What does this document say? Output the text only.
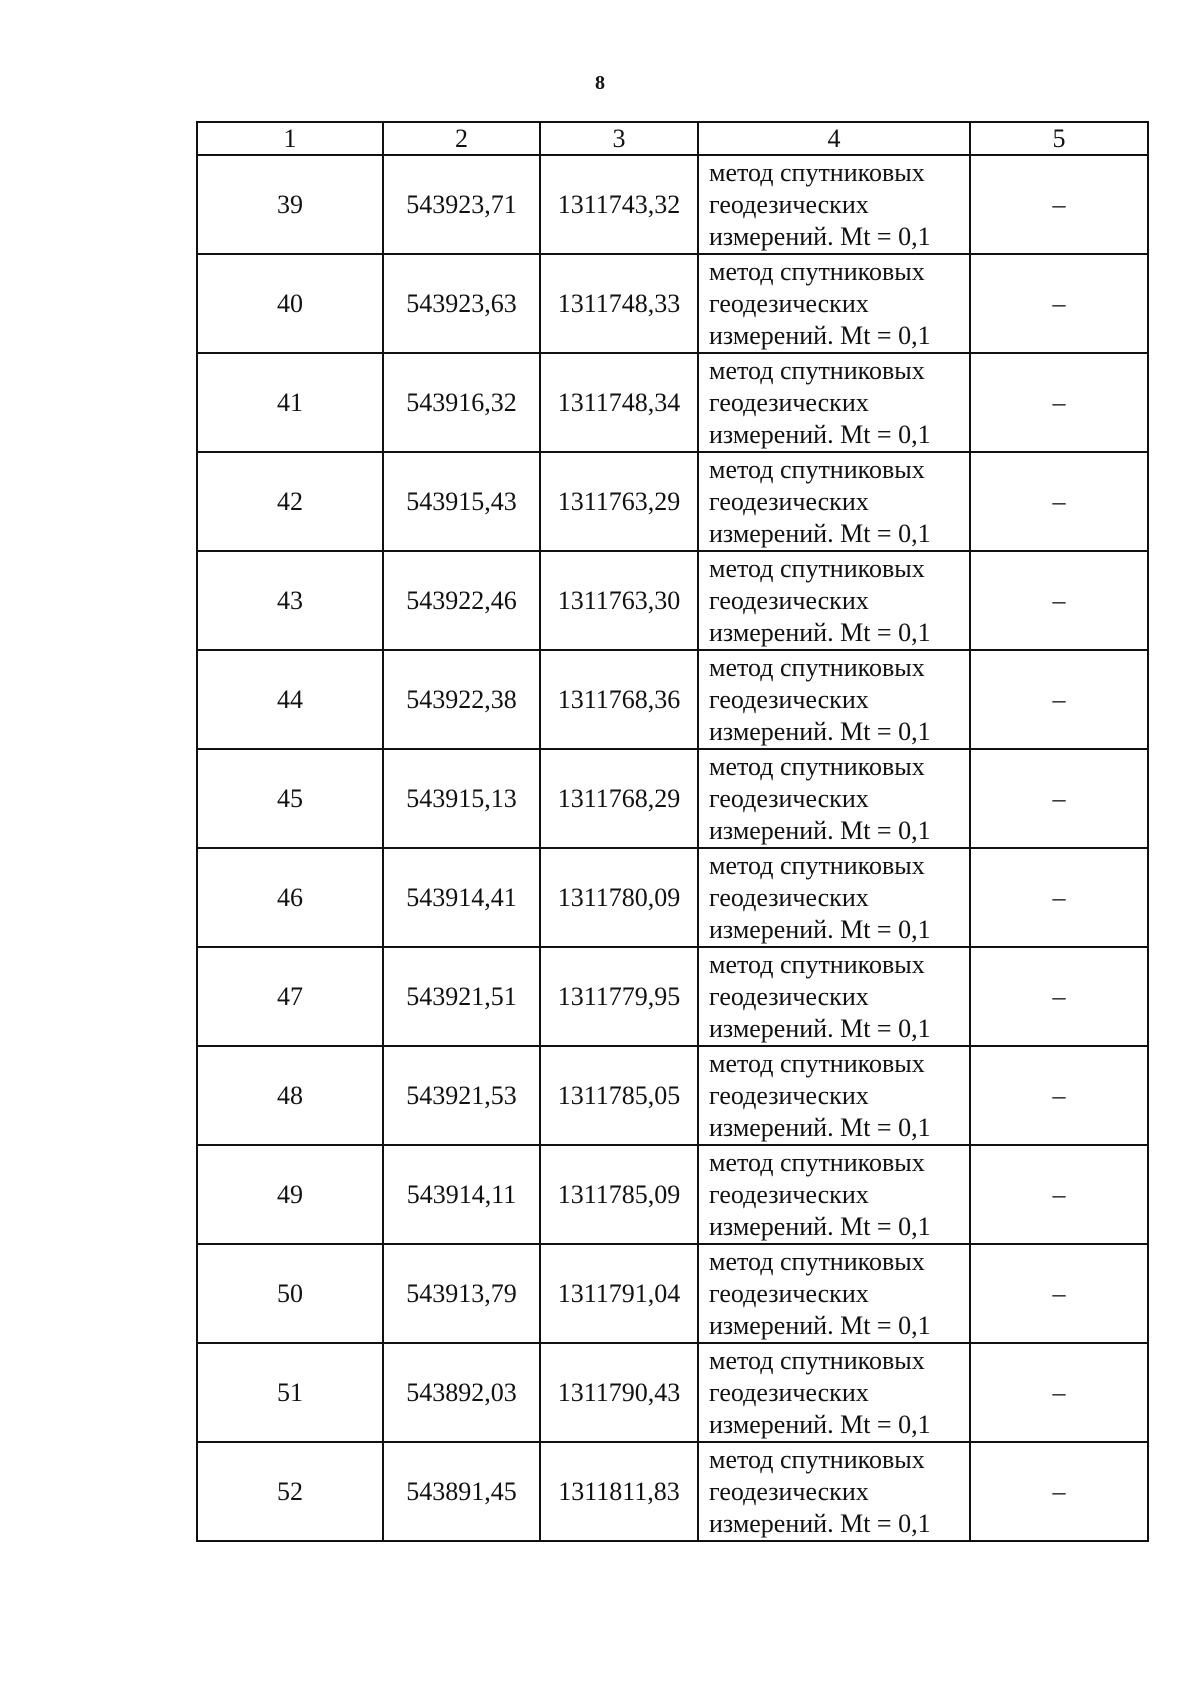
8
1	2	3	4	5
39	543923,71	1311743,32	метод спутниковых
геодезических
измерений. Mt = 0,1	–
40	543923,63	1311748,33	метод спутниковых
геодезических
измерений. Mt = 0,1	–
41	543916,32	1311748,34	метод спутниковых
геодезических
измерений. Mt = 0,1	–
42	543915,43	1311763,29	метод спутниковых
геодезических
измерений. Mt = 0,1	–
43	543922,46	1311763,30	метод спутниковых
геодезических
измерений. Mt = 0,1	–
44	543922,38	1311768,36	метод спутниковых
геодезических
измерений. Mt = 0,1	–
45	543915,13	1311768,29	метод спутниковых
геодезических
измерений. Mt = 0,1	–
46	543914,41	1311780,09	метод спутниковых
геодезических
измерений. Mt = 0,1	–
47	543921,51	1311779,95	метод спутниковых
геодезических
измерений. Mt = 0,1	–
48	543921,53	1311785,05	метод спутниковых
геодезических
измерений. Mt = 0,1	–
49	543914,11	1311785,09	метод спутниковых
геодезических
измерений. Mt = 0,1	–
50	543913,79	1311791,04	метод спутниковых
геодезических
измерений. Mt = 0,1	–
51	543892,03	1311790,43	метод спутниковых
геодезических
измерений. Mt = 0,1	–
52	543891,45	1311811,83	метод спутниковых
геодезических
измерений. Mt = 0,1	–
